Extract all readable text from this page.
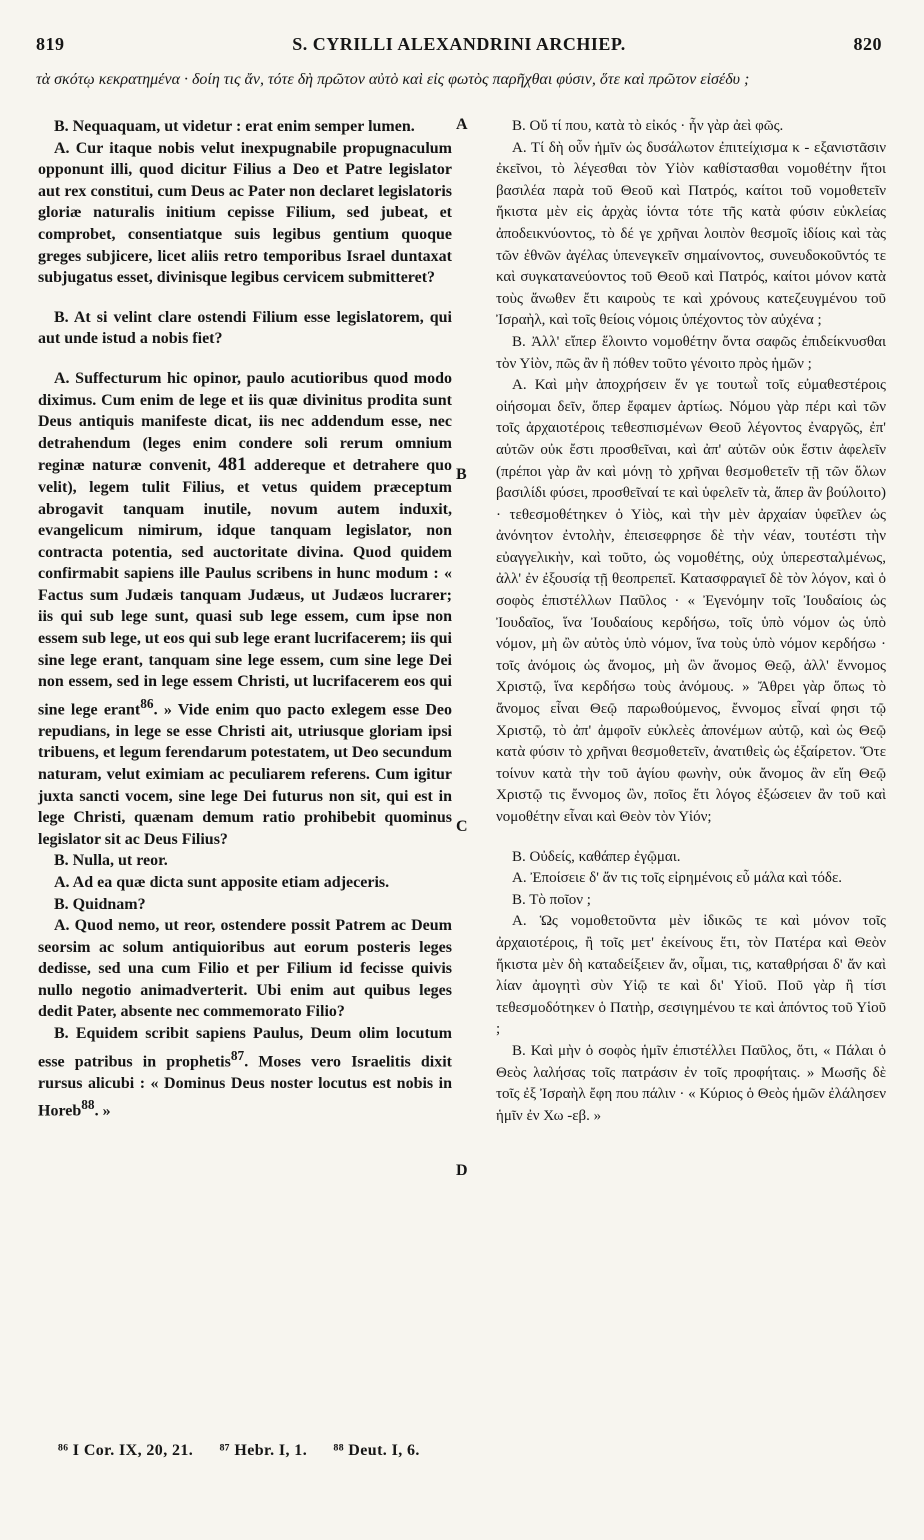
819	S. CYRILLI ALEXANDRINI ARCHIEP.	820
τὰ σκότῳ κεκρατημένα · δοίη τις ἄν, τότε δὴ πρῶτον αὐτὸ καὶ εἰς φωτὸς παρῆχθαι φύσιν, ὅτε καὶ πρῶτον εἰσέδυ ;

B. Nequaquam, ut videtur : erat enim semper lumen.

A. Cur itaque nobis velut inexpugnabile propugnaculum opponunt illi, quod dicitur Filius a Deo et Patre legislator aut rex constitui, cum Deus ac Pater non declaret legislatoris gloriæ naturalis initium cepisse Filium, sed jubeat, et comprobet, consentiatque suis legibus gentium quoque greges subjicere, licet aliis retro temporibus Israel duntaxat subjugatus esset, divinisque legibus cervicem submitteret?

B. At si velint clare ostendi Filium esse legislatorem, qui aut unde istud a nobis fiet?

A. Suffecturum hic opinor, paulo acutioribus quod modo diximus. Cum enim de lege et iis quæ divinitus prodita sunt Deus antiquis manifeste dicat, iis nec addendum esse, nec detrahendum (leges enim condere soli rerum omnium reginæ naturæ convenit, 481 addereque et detrahere quo velit), legem tulit Filius, et vetus quidem præceptum abrogavit tanquam inutile, novum autem induxit, evangelicum nimirum, idque tanquam legislator, non contracta potentia, sed auctoritate divina. Quod quidem confirmabit sapiens ille Paulus scribens in hunc modum : « Factus sum Judæis tanquam Judæus, ut Judæos lucrarer; iis qui sub lege sunt, quasi sub lege essem, cum ipse non essem sub lege, ut eos qui sub lege erant lucrifacerem; iis qui sine lege erant, tanquam sine lege essem, cum sine lege Dei non essem, sed in lege essem Christi, ut lucrifacerem eos qui sine lege erant$^{86}$. » Vide enim quo pacto exlegem esse Deo repudians, in lege se esse Christi ait, utriusque gloriam ipsi tribuens, et legum ferendarum potestatem, ut Deo secundum naturam, velut eximiam ac peculiarem referens. Cum igitur juxta sancti vocem, sine lege Dei futurus non sit, qui est in lege Christi, quænam demum ratio prohibebit quominus legislator sit ac Deus Filius?

B. Nulla, ut reor.

A. Ad ea quæ dicta sunt apposite etiam adjeceris.

B. Quidnam?

A. Quod nemo, ut reor, ostendere possit Patrem ac Deum seorsim ac solum antiquioribus aut eorum posteris leges dedisse, sed una cum Filio et per Filium id fecisse quivis nullo negotio animadverterit. Ubi enim aut quibus leges dedit Pater, absente nec commemorato Filio?

B. Equidem scribit sapiens Paulus, Deum olim locutum esse patribus in prophetis$^{87}$. Moses vero Israelitis dixit rursus alicubi : « Dominus Deus noster locutus est nobis in Horeb$^{88}$. »

A
B
C
D

Β. Οὔ τί που, κατὰ τὸ εἰκός · ἦν γὰρ ἀεὶ φῶς.

Α. Τί δὴ οὖν ἡμῖν ὡς δυσάλωτον ἐπιτείχισμα κ - εξανιστᾶσιν ἐκεῖνοι, τὸ λέγεσθαι τὸν Υἱὸν καθίστασθαι νομοθέτην ἤτοι βασιλέα παρὰ τοῦ Θεοῦ καὶ Πατρός, καίτοι τοῦ νομοθετεῖν ἥκιστα μὲν εἰς ἀρχὰς ἰόντα τότε τῆς κατὰ φύσιν εὐκλείας ἀποδεικνύοντος, τὸ δέ γε χρῆναι λοιπὸν θεσμοῖς ἰδίοις καὶ τὰς τῶν ἐθνῶν ἀγέλας ὑπενεγκεῖν σημαίνοντος, συνευδοκοῦντός τε καὶ συγκατανεύοντος τοῦ Θεοῦ καὶ Πατρός, καίτοι μόνον κατὰ τοὺς ἄνωθεν ἔτι καιροὺς τε καὶ χρόνους κατεζευγμένου τοῦ Ἰσραὴλ, καὶ τοῖς θείοις νόμοις ὑπέχοντος τὸν αὐχένα ;

Β. Ἀλλ' εἴπερ ἕλοιντο νομοθέτην ὄντα σαφῶς ἐπιδείκνυσθαι τὸν Υἱὸν, πῶς ἂν ἢ πόθεν τοῦτο γένοιτο πρὸς ἡμῶν ;

Α. Καὶ μὴν ἀποχρήσειν ἕν γε τουτωῒ τοῖς εὐμαθεστέροις οἰήσομαι δεῖν, ὅπερ ἔφαμεν ἀρτίως. Νόμου γὰρ πέρι καὶ τῶν τοῖς ἀρχαιοτέροις τεθεσπισμένων Θεοῦ λέγοντος ἐναργῶς, ἐπ' αὐτῶν οὐκ ἔστι προσθεῖναι, καὶ ἀπ' αὐτῶν οὐκ ἔστιν ἀφελεῖν (πρέποι γὰρ ἂν καὶ μόνῃ τὸ χρῆναι θεσμοθετεῖν τῇ τῶν ὅλων βασιλίδι φύσει, προσθεῖναί τε καὶ ὑφελεῖν τὰ, ἅπερ ἂν βούλοιτο) · τεθεσμοθέτηκεν ὁ Υἱὸς, καὶ τὴν μὲν ἀρχαίαν ὑφεῖλεν ὡς ἀνόνητον ἐντολὴν, ἐπεισεφρησε δὲ τὴν νέαν, τουτέστι τὴν εὐαγγελικὴν, καὶ τοῦτο, ὡς νομοθέτης, οὐχ ὑπερεσταλμένως, ἀλλ' ἐν ἐξουσίᾳ τῇ θεοπρεπεῖ. Κατασφραγιεῖ δὲ τὸν λόγον, καὶ ὁ σοφὸς ἐπιστέλλων Παῦλος · « Ἐγενόμην τοῖς Ἰουδαίοις ὡς Ἰουδαῖος, ἵνα Ἰουδαίους κερδήσω, τοῖς ὑπὸ νόμον ὡς ὑπὸ νόμον, μὴ ὢν αὐτὸς ὑπὸ νόμον, ἵνα τοὺς ὑπὸ νόμον κερδήσω · τοῖς ἀνόμοις ὡς ἄνομος, μὴ ὢν ἄνομος Θεῷ, ἀλλ' ἔννομος Χριστῷ, ἵνα κερδήσω τοὺς ἀνόμους. » Ἄθρει γὰρ ὅπως τὸ ἄνομος εἶναι Θεῷ παρωθούμενος, ἔννομος εἶναί φησι τῷ Χριστῷ, τὸ ἀπ' ἀμφοῖν εὐκλεὲς ἀπονέμων αὐτῷ, καὶ ὡς Θεῷ κατὰ φύσιν τὸ χρῆναι θεσμοθετεῖν, ἀνατιθεὶς ὡς ἐξαίρετον. Ὅτε τοίνυν κατὰ τὴν τοῦ ἁγίου φωνὴν, οὐκ ἄνομος ἂν εἴη Θεῷ Χριστῷ τις ἔννομος ὢν, ποῖος ἔτι λόγος ἐξώσειεν ἂν τοῦ καὶ νομοθέτην εἶναι καὶ Θεὸν τὸν Υἱόν;

Β. Οὐδείς, καθάπερ ἐγῷμαι.

Α. Ἐποίσειε δ' ἄν τις τοῖς εἰρημένοις εὖ μάλα καὶ τόδε.

Β. Τὸ ποῖον ;

Α. Ὡς νομοθετοῦντα μὲν ἰδικῶς τε καὶ μόνον τοῖς ἀρχαιοτέροις, ἢ τοῖς μετ' ἐκείνους ἔτι, τὸν Πατέρα καὶ Θεὸν ἥκιστα μὲν δὴ καταδείξειεν ἄν, οἶμαι, τις, καταθρήσαι δ' ἄν καὶ λίαν ἀμογητὶ σὺν Υἱῷ τε καὶ δι' Υἱοῦ. Ποῦ γὰρ ἢ τίσι τεθεσμοδότηκεν ὁ Πατὴρ, σεσιγημένου τε καὶ ἀπόντος τοῦ Υἱοῦ ;

Β. Καὶ μὴν ὁ σοφὸς ἡμῖν ἐπιστέλλει Παῦλος, ὅτι, « Πάλαι ὁ Θεὸς λαλήσας τοῖς πατράσιν ἐν τοῖς προφήταις. » Μωσῆς δὲ τοῖς ἐξ Ἰσραὴλ ἔφη που πάλιν · « Κύριος ὁ Θεὸς ἡμῶν ἐλάλησεν ἡμῖν ἐν Χω -εβ. »

⁸⁶ I Cor. IX, 20, 21. ⁸⁷ Hebr. I, 1. ⁸⁸ Deut. I, 6.
